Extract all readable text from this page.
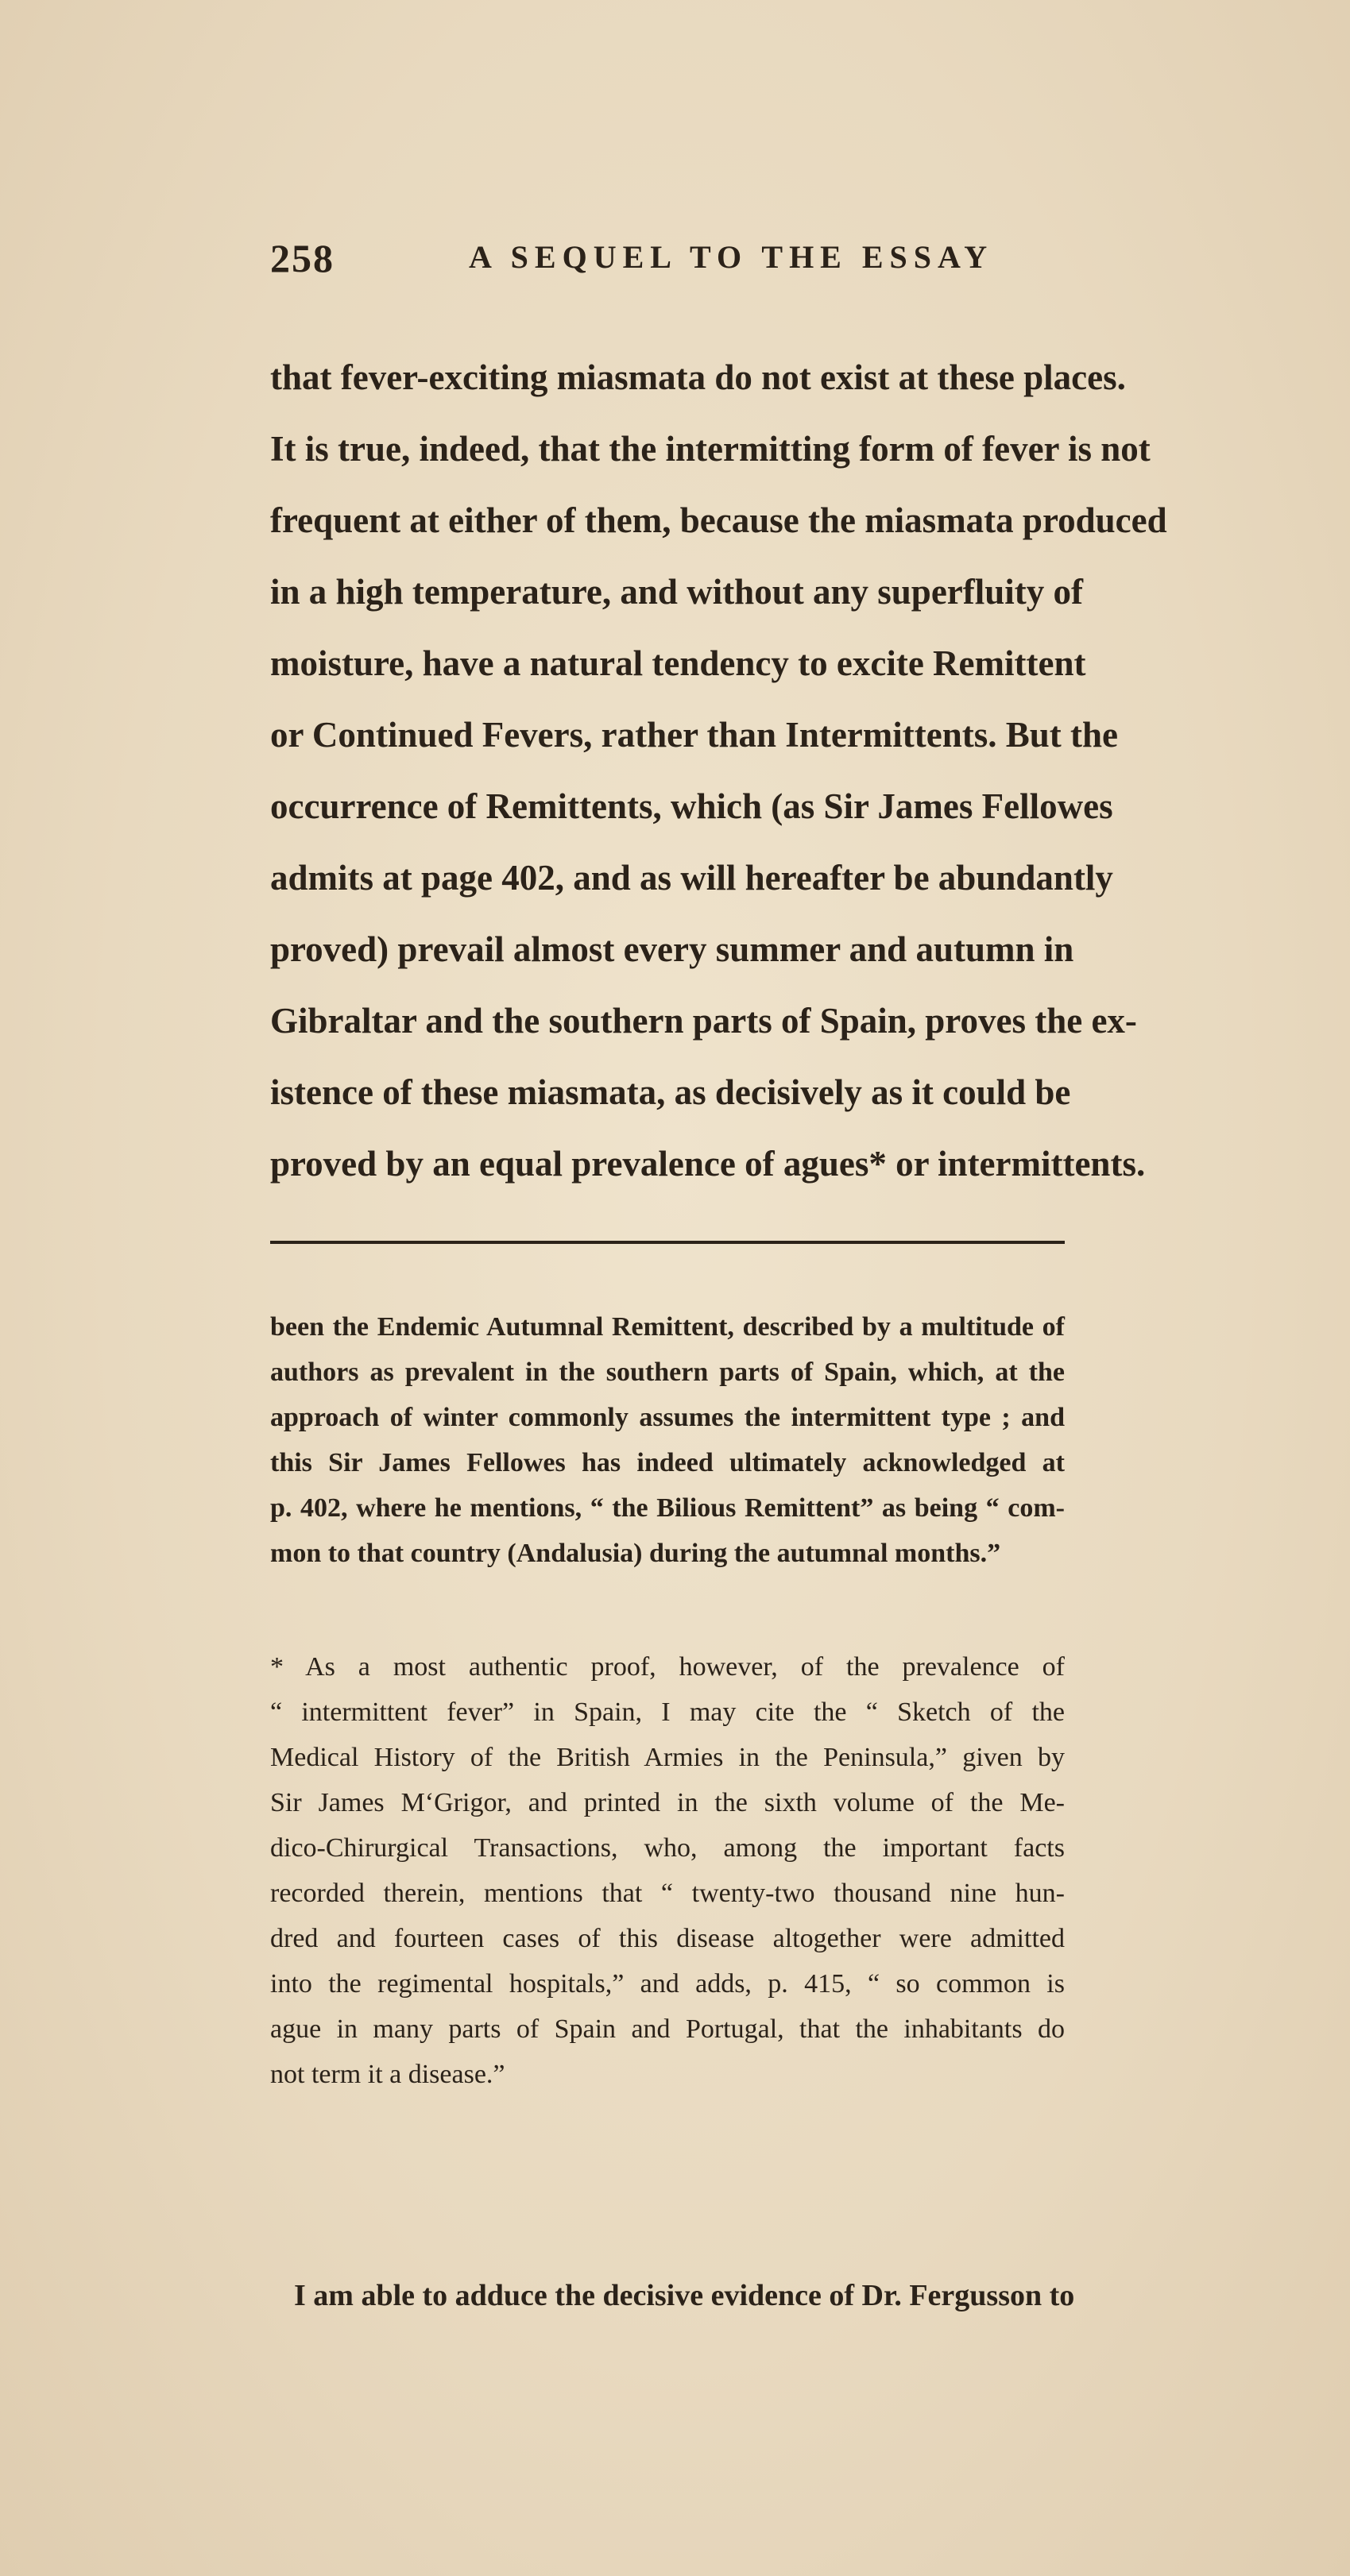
258	A SEQUEL TO THE ESSAY
that fever-exciting miasmata do not exist at these places.
It is true, indeed, that the intermitting form of fever is not
frequent at either of them, because the miasmata produced
in a high temperature, and without any superfluity of
moisture, have a natural tendency to excite Remittent
or Continued Fevers, rather than Intermittents. But the
occurrence of Remittents, which (as Sir James Fellowes
admits at page 402, and as will hereafter be abundantly
proved) prevail almost every summer and autumn in
Gibraltar and the southern parts of Spain, proves the ex-
istence of these miasmata, as decisively as it could be
proved by an equal prevalence of agues* or intermittents.
been the Endemic Autumnal Remittent, described by a multitude of
authors as prevalent in the southern parts of Spain, which, at the
approach of winter commonly assumes the intermittent type ; and
this Sir James Fellowes has indeed ultimately acknowledged at
p. 402, where he mentions, “ the Bilious Remittent” as being “ com-
mon to that country (Andalusia) during the autumnal months.”
* As a most authentic proof, however, of the prevalence of
“ intermittent fever” in Spain, I may cite the “ Sketch of the
Medical History of the British Armies in the Peninsula,” given by
Sir James M‘Grigor, and printed in the sixth volume of the Me-
dico-Chirurgical Transactions, who, among the important facts
recorded therein, mentions that “ twenty-two thousand nine hun-
dred and fourteen cases of this disease altogether were admitted
into the regimental hospitals,” and adds, p. 415, “ so common is
ague in many parts of Spain and Portugal, that the inhabitants do
not term it a disease.”
I am able to adduce the decisive evidence of Dr. Fergusson to
